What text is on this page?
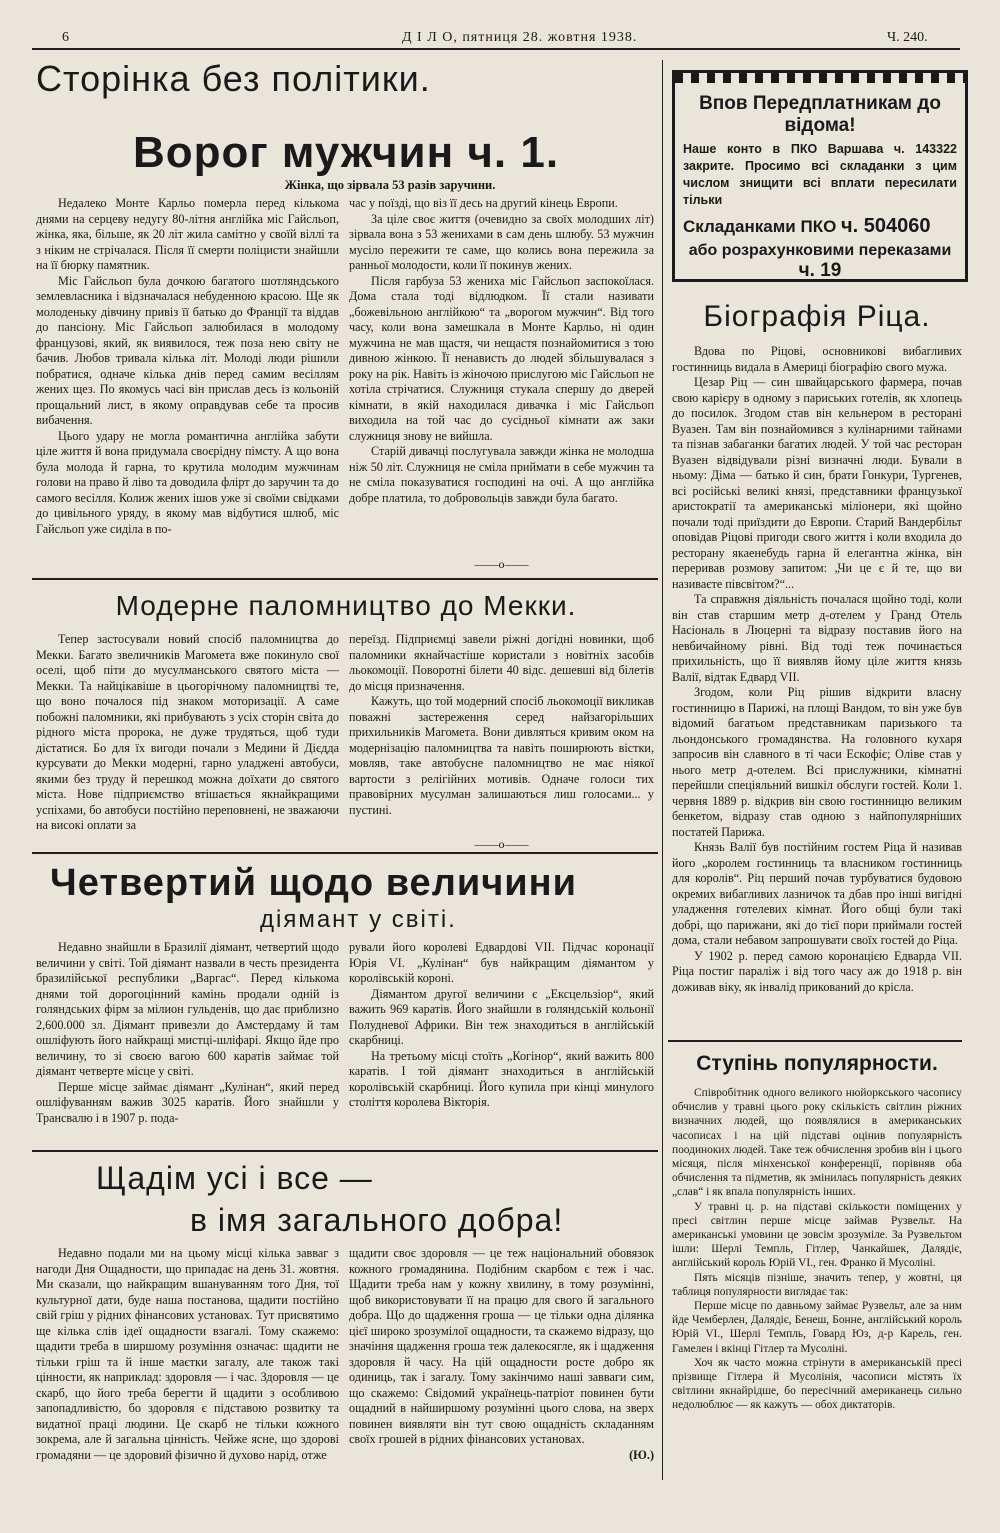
6	Д І Л О, пятниця 28. жовтня 1938.	Ч. 240.
Сторінка без політики.
Ворог мужчин ч. 1.
Жінка, що зірвала 53 разів заручини.

Недалеко Монте Карльо померла перед кількома днями на серцеву недугу 80-літня англійка міс Гайсльоп, жінка, яка, більше, як 20 літ жила самітно у своїй віллі та з ніким не стрічалася. Після її смерти поліцисти знайшли на її бюрку памятник.

Міс Гайсльоп була дочкою багатого шотляндського землевласника і відзначалася небуденною красою. Ще як молоденьку дівчину привіз її батько до Франції та віддав до пансіону. Міс Гайсльоп залюбилася в молодому французові, який, як виявилося, теж поза нею світу не бачив. Любов тривала кілька літ. Молоді люди рішили побратися, одначе кілька днів перед самим весіллям жених щез. По якомусь часі він прислав десь із кольоній прощальний лист, в якому оправдував себе та просив вибачення.

Цього удару не могла романтична англійка забути ціле життя й вона придумала своєрідну пімсту. А що вона була молода й гарна, то крутила молодим мужчинам голови на право й ліво та доводила флірт до заручин та до самого весілля. Колиж жених ішов уже зі своїми свідками до цивільного уряду, в якому мав відбутися шлюб, міс Гайсльоп уже сиділа в по-

час у поїзді, що віз її десь на другий кінець Европи.

За ціле своє життя (очевидно за своїх молодших літ) зірвала вона з 53 женихами в сам день шлюбу. 53 мужчин мусіло пережити те саме, що колись вона пережила за ранньої молодости, коли її покинув жених.

Після гарбуза 53 жениха міс Гайсльоп заспокоїлася. Дома стала тоді відлюдком. Її стали називати „божевільною англійкою“ та „ворогом мужчин“. Від того часу, коли вона замешкала в Монте Карльо, ні один мужчина не мав щастя, чи нещастя познайомитися з тою дивною жінкою. Її ненависть до людей збільшувалася з року на рік. Навіть із жіночою прислугою міс Гайсльоп не хотіла стрічатися. Служниця стукала спершу до дверей кімнати, в якій находилася дивачка і міс Гайсльоп виходила на той час до сусідньої кімнати аж заки служниця знову не вийшла.

Старій дивачці послугувала завжди жінка не молодша ніж 50 літ. Служниця не сміла приймати в себе мужчин та не сміла показуватися господині на очі. А що англійка добре платила, то добровольців завжди була багато.

——o——
Модерне паломництво до Мекки.

Тепер застосували новий спосіб паломництва до Мекки. Багато звеличників Магомета вже покинуло свої оселі, щоб піти до мусулманського святого міста — Мекки. Та найцікавіше в цьогорічному паломництві те, що воно почалося під знаком моторизації. А саме побожні паломники, які прибувають з усіх сторін світа до рідного міста пророка, не дуже трудяться, щоб туди дістатися. Бо для їх вигоди почали з Медини й Дієдда курсувати до Мекки модерні, гарно уладжені автобуси, якими без труду й перешкод можна доїхати до святого міста. Нове підприємство втішається якнайкращими успіхами, бо автобуси постійно переповнені, не зважаючи на високі оплати за

переїзд. Підприємці завели ріжні догідні новинки, щоб паломники якнайчастіше користали з новітніх засобів льокомоції. Поворотні білети 40 відс. дешевші від білетів до місця призначення.

Кажуть, що той модерний спосіб льокомоції викликав поважні застереження серед найзагорільших прихильників Магомета. Вони дивляться кривим оком на модернізацію паломництва та навіть поширюють вістки, мовляв, таке автобусне паломництво не має ніякої вартости з релігійних мотивів. Одначе голоси тих правовірних мусулман залишаються лиш голосами... у пустині.

——o——
Четвертий щодо величини
діямант у світі.

Недавно знайшли в Бразилії діямант, четвертий щодо величини у світі. Той діямант назвали в честь президента бразилійської республики „Варгас“. Перед кількома днями той дорогоцінний камінь продали одній із голяндських фірм за мілион гульденів, що дає приблизно 2,600.000 зл. Діямант привезли до Амстердаму й там ошліфують його найкращі мистці-шліфарі. Якщо йде про величину, то зі своєю вагою 600 каратів займає той діямант четверте місце у світі.

Перше місце займає діямант „Кулінан“, який перед ошліфуванням важив 3025 каратів. Його знайшли у Трансвалю і в 1907 р. пода-

рували його королеві Едвардові VII. Підчас коронації Юрія VI. „Кулінан“ був найкращим діямантом у королівській короні.

Діямантом другої величини є „Ексцельзіор“, який важить 969 каратів. Його знайшли в голяндській кольонії Полудневої Африки. Він теж знаходиться в англійській скарбниці.

На третьому місці стоїть „Когінор“, який важить 800 каратів. І той діямант знаходиться в англійській королівській скарбниці. Його купила при кінці минулого століття королева Вікторія.

Щадім усі і все —
в імя загального добра!

Недавно подали ми на цьому місці кілька завваг з нагоди Дня Ощадности, що припадає на день 31. жовтня. Ми сказали, що найкращим вшануванням того Дня, тої культурної дати, буде наша постанова, щадити постійно свій гріш у рідних фінансових установах. Тут присвятимо ще кілька слів ідеї ощадности взагалі. Тому скажемо: щадити треба в ширшому розуміння означає: щадити не тільки гріш та й інше маєтки загалу, але також такі цінности, як наприклад: здоровля — і час. Здоровля — це скарб, що його треба берегти й щадити з особливою запопадливістю, бо здоровля є підставою розвитку та видатної праці людини. Це скарб не тільки кожного зокрема, але й загальна цінність. Чейже ясне, що здорові громадяни — це здоровий фізично й духово нарід, отже

щадити своє здоровля — це теж національний обовязок кожного громадянина. Подібним скарбом є теж і час. Щадити треба нам у кожну хвилину, в тому розумінні, щоб використовувати її на працю для свого й загального добра. Що до щадження гроша — це тільки одна ділянка цієї широко зрозумілої ощадности, та скажемо відразу, що значіння щадження гроша теж далекосягле, як і щадження здоровля й часу. На цій ощадности росте добро як одиниць, так і загалу. Тому закінчимо наші завваги сим, що скажемо: Свідомий українець-патріот повинен бути ощадний в найширшому розумінні цього слова, на зверх повинен виявляти він тут свою ощадність складанням своїх грошей в рідних фінансових установах.

(Ю.)
Впов Передплатникам до відома!
Наше конто в ПКО Варшава ч. 143322 закрите. Просимо всі складанки з цим числом знищити всі вплати пересилати тільки
Складанками ПКО ч. 504060
або розрахунковими переказами
ч. 19
Біографія Ріца.

Вдова по Ріцові, основникові вибагливих гостинниць видала в Америці біографію свого мужа.

Цезар Ріц — син швайцарського фармера, почав свою карієру в одному з париських готелів, як хлопець до посилок. Згодом став він кельнером в ресторані Вуазен. Там він познайомився з кулінарними тайнами та пізнав забаганки багатих людей. У той час ресторан Вуазен відвідували різні визначні люди. Бували в ньому: Діма — батько й син, брати Гонкури, Тургенев, всі російські великі князі, представники французької аристократії та американські міліонери, які щойно почали тоді приїздити до Европи. Старий Вандербільт оповідав Ріцові пригоди свого життя і коли входила до ресторану якаенебудь гарна й елегантна жінка, він переривав розмову запитом: „Чи це є й те, що ви називаєте півсвітом?“...

Та справжня діяльність почалася щойно тоді, коли він став старшим метр д-отелем у Гранд Отель Насіональ в Люцерні та відразу поставив його на невбичайному рівні. Від тоді теж починається прихильність, що її виявляв йому ціле життя князь Валії, відтак Едвард VII.

Згодом, коли Ріц рішив відкрити власну гостинницю в Парижі, на площі Вандом, то він уже був відомий багатьом представникам паризького та льондонського громадянства. На головного кухаря запросив він славного в ті часи Ескофіє; Оліве став у нього метр д-отелем. Всі прислужники, кімнатні перейшли спеціяльний вишкіл обслуги гостей. Коли 1. червня 1889 р. відкрив він свою гостинницю великим бенкетом, відразу став одною з найпопулярніших постатей Парижа.

Князь Валії був постійним гостем Ріца й називав його „королем гостинниць та власником гостинниць для королів“. Ріц перший почав турбуватися будовою окремих вибагливих лазничок та дбав про інші вигідні уладження готелевих кімнат. Його общі були такі добрі, що парижани, які до тієї пори приймали гостей дома, стали небавом запрошувати своїх гостей до Ріца.

У 1902 р. перед самою коронацією Едварда VII. Ріца постиг параліж і від того часу аж до 1918 р. він доживав віку, як інвалід прикований до крісла.

Ступінь популярности.

Співробітник одного великого нюйоркського часопису обчислив у травні цього року скількість світлин ріжних визначних людей, що появлялися в американських часописах і на цій підставі оцінив популярність поодиноких людей. Таке теж обчислення зробив він і цього місяця, після мінхенської конференції, порівняв оба обчислення та підметив, як змінилась популярність деяких „слав“ і як впала популярність інших.

У травні ц. р. на підставі скількости поміщених у пресі світлин перше місце займав Рузвельт. На американські умовини це зовсім зрозуміле. За Рузвельтом ішли: Шерлі Темпль, Гітлер, Чанкайшек, Далядіє, англійський король Юрій VI., ген. Франко й Мусоліні.

Пять місяців пізніше, значить тепер, у жовтні, ця таблиця популярности виглядає так:

Перше місце по давньому займає Рузвельт, але за ним йде Чемберлен, Далядіє, Бенеш, Бонне, англійський король Юрій VI., Шерлі Темпль, Говард Юз, д-р Карель, ген. Гамелен і вкінці Гітлер та Мусоліні.

Хоч як часто можна стрінути в американській пресі прізвище Гітлера й Мусолінія, часописи містять їх світлини якнайрідше, бо пересічний американець сильно недолюблює — як кажуть — обох диктаторів.
